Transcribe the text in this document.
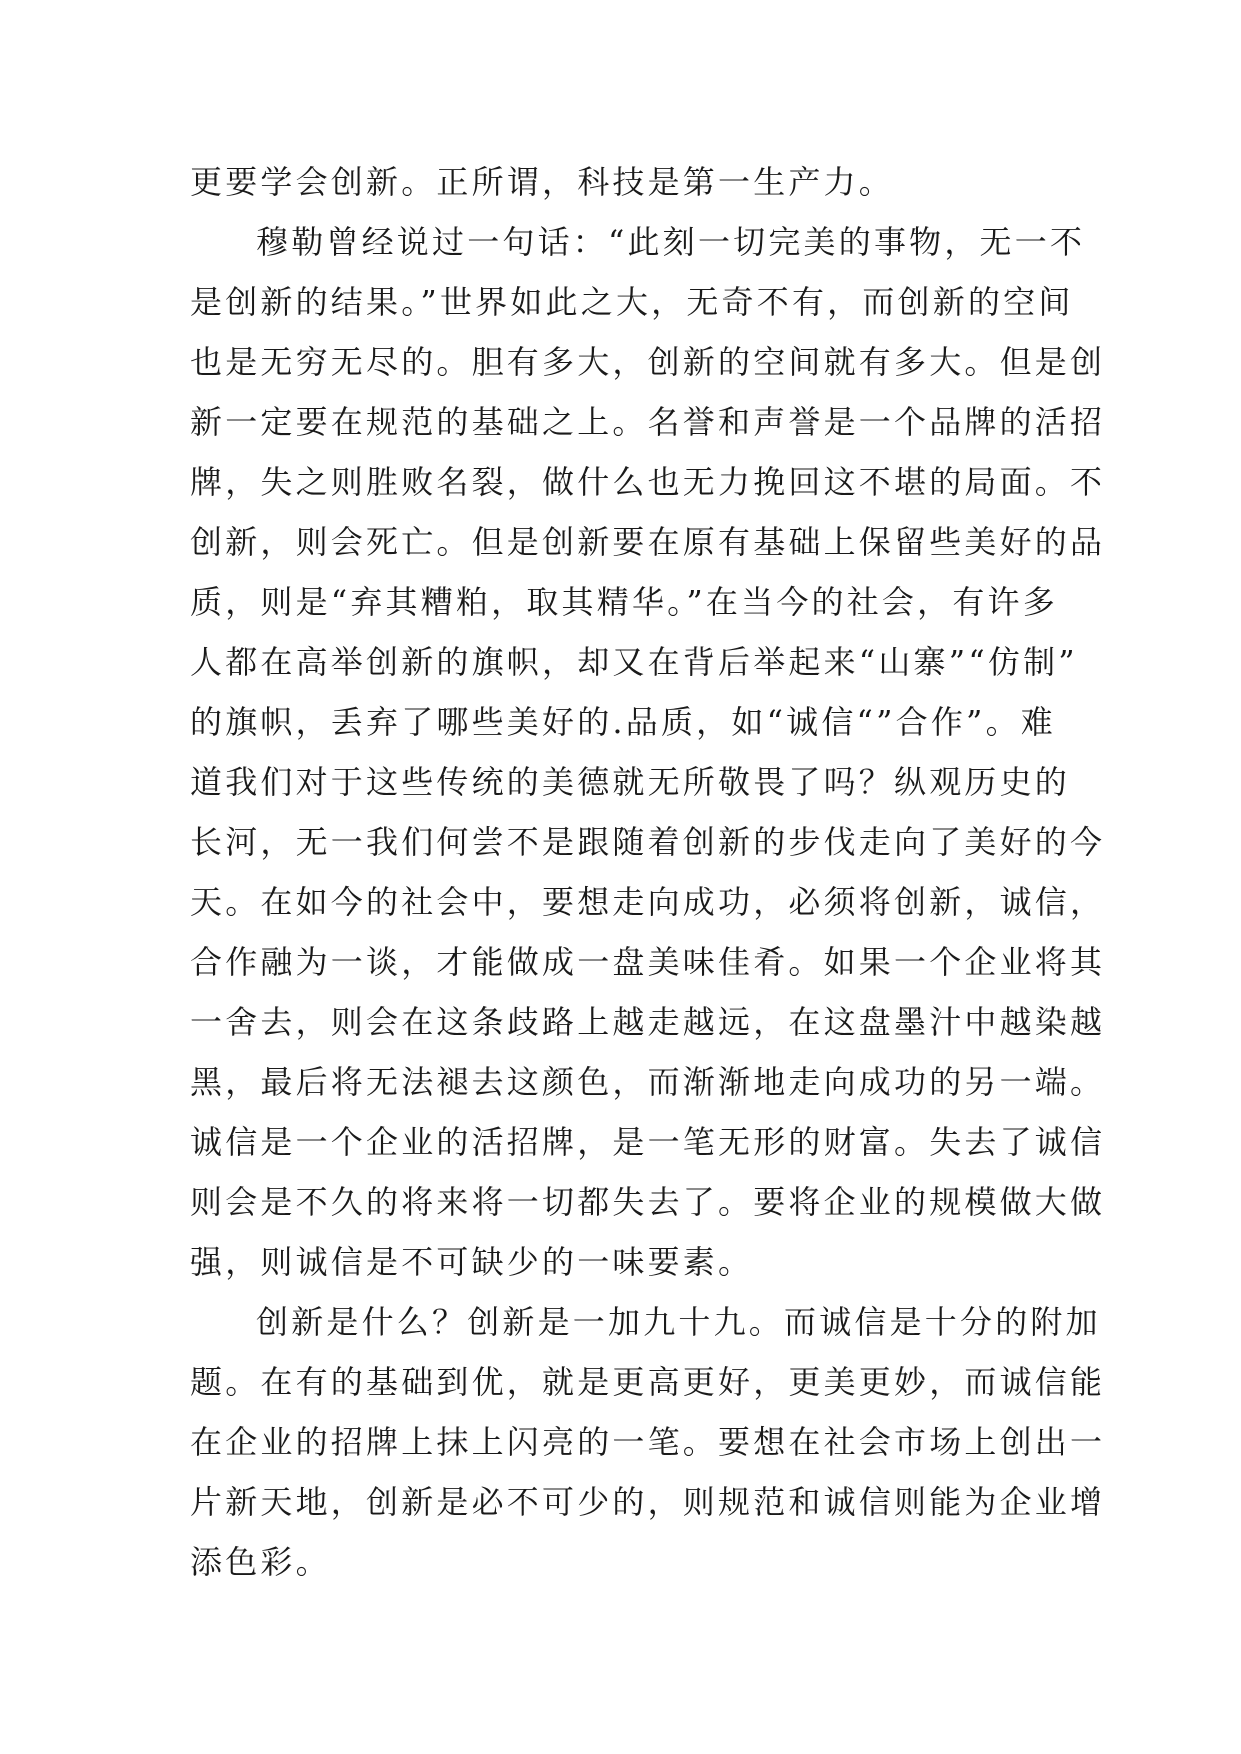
更要学会创新。正所谓，科技是第一生产力。
穆勒曾经说过一句话：“此刻一切完美的事物，无一不
是创新的结果。”世界如此之大，无奇不有，而创新的空间
也是无穷无尽的。胆有多大，创新的空间就有多大。但是创
新一定要在规范的基础之上。名誉和声誉是一个品牌的活招
牌，失之则胜败名裂，做什么也无力挽回这不堪的局面。不
创新，则会死亡。但是创新要在原有基础上保留些美好的品
质，则是“弃其糟粕，取其精华。”在当今的社会，有许多
人都在高举创新的旗帜，却又在背后举起来“山寨”“仿制”
的旗帜，丢弃了哪些美好的.品质，如“诚信“”合作”。难
道我们对于这些传统的美德就无所敬畏了吗？纵观历史的
长河，无一我们何尝不是跟随着创新的步伐走向了美好的今
天。在如今的社会中，要想走向成功，必须将创新，诚信，
合作融为一谈，才能做成一盘美味佳肴。如果一个企业将其
一舍去，则会在这条歧路上越走越远，在这盘墨汁中越染越
黑，最后将无法褪去这颜色，而渐渐地走向成功的另一端。
诚信是一个企业的活招牌，是一笔无形的财富。失去了诚信
则会是不久的将来将一切都失去了。要将企业的规模做大做
强，则诚信是不可缺少的一味要素。
创新是什么？创新是一加九十九。而诚信是十分的附加
题。在有的基础到优，就是更高更好，更美更妙，而诚信能
在企业的招牌上抹上闪亮的一笔。要想在社会市场上创出一
片新天地，创新是必不可少的，则规范和诚信则能为企业增
添色彩。
